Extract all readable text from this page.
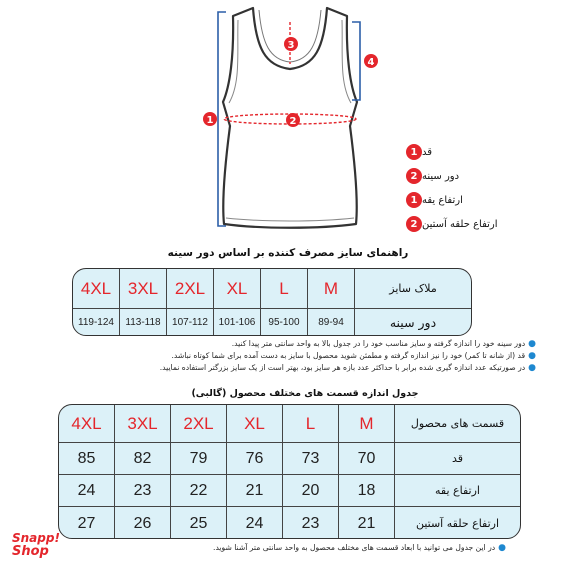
1	2
3
4
1 قد
2 دور سینه
1 ارتفاع یقه
2 ارتفاع حلقه آستین
راهنمای سایز مصرف کننده بر اساس دور سینه
4XL 3XL 2XL XL L M	ملاک سایز
119-124 113-118 107-112 101-106 95-100 89-94	دور سینه
●دور سینه خود را اندازه گرفته و سایز مناسب خود را در جدول بالا به واحد سانتی متر پیدا کنید.
●قد (از شانه تا کمر) خود را نیز اندازه گرفته و مطمئن شوید محصول با سایز به دست آمده برای شما کوتاه نباشد.
●در صورتیکه عدد اندازه گیری شده برابر با حداکثر عدد بازه هر سایز بود، بهتر است از یک سایز بزرگتر استفاده نمایید.
جدول اندازه قسمت های مختلف محصول (گالبی)
4XL 3XL 2XL XL L	M	قسمت های محصول
85 82 79 76 73 70	قد
24 23 22 21 20 18	ارتفاع یقه
27 26 25 24 23 21	ارتفاع حلقه آستین
●در این جدول می توانید با ابعاد قسمت های مختلف محصول به واحد سانتی متر آشنا شوید.
Snapp!
Shop
